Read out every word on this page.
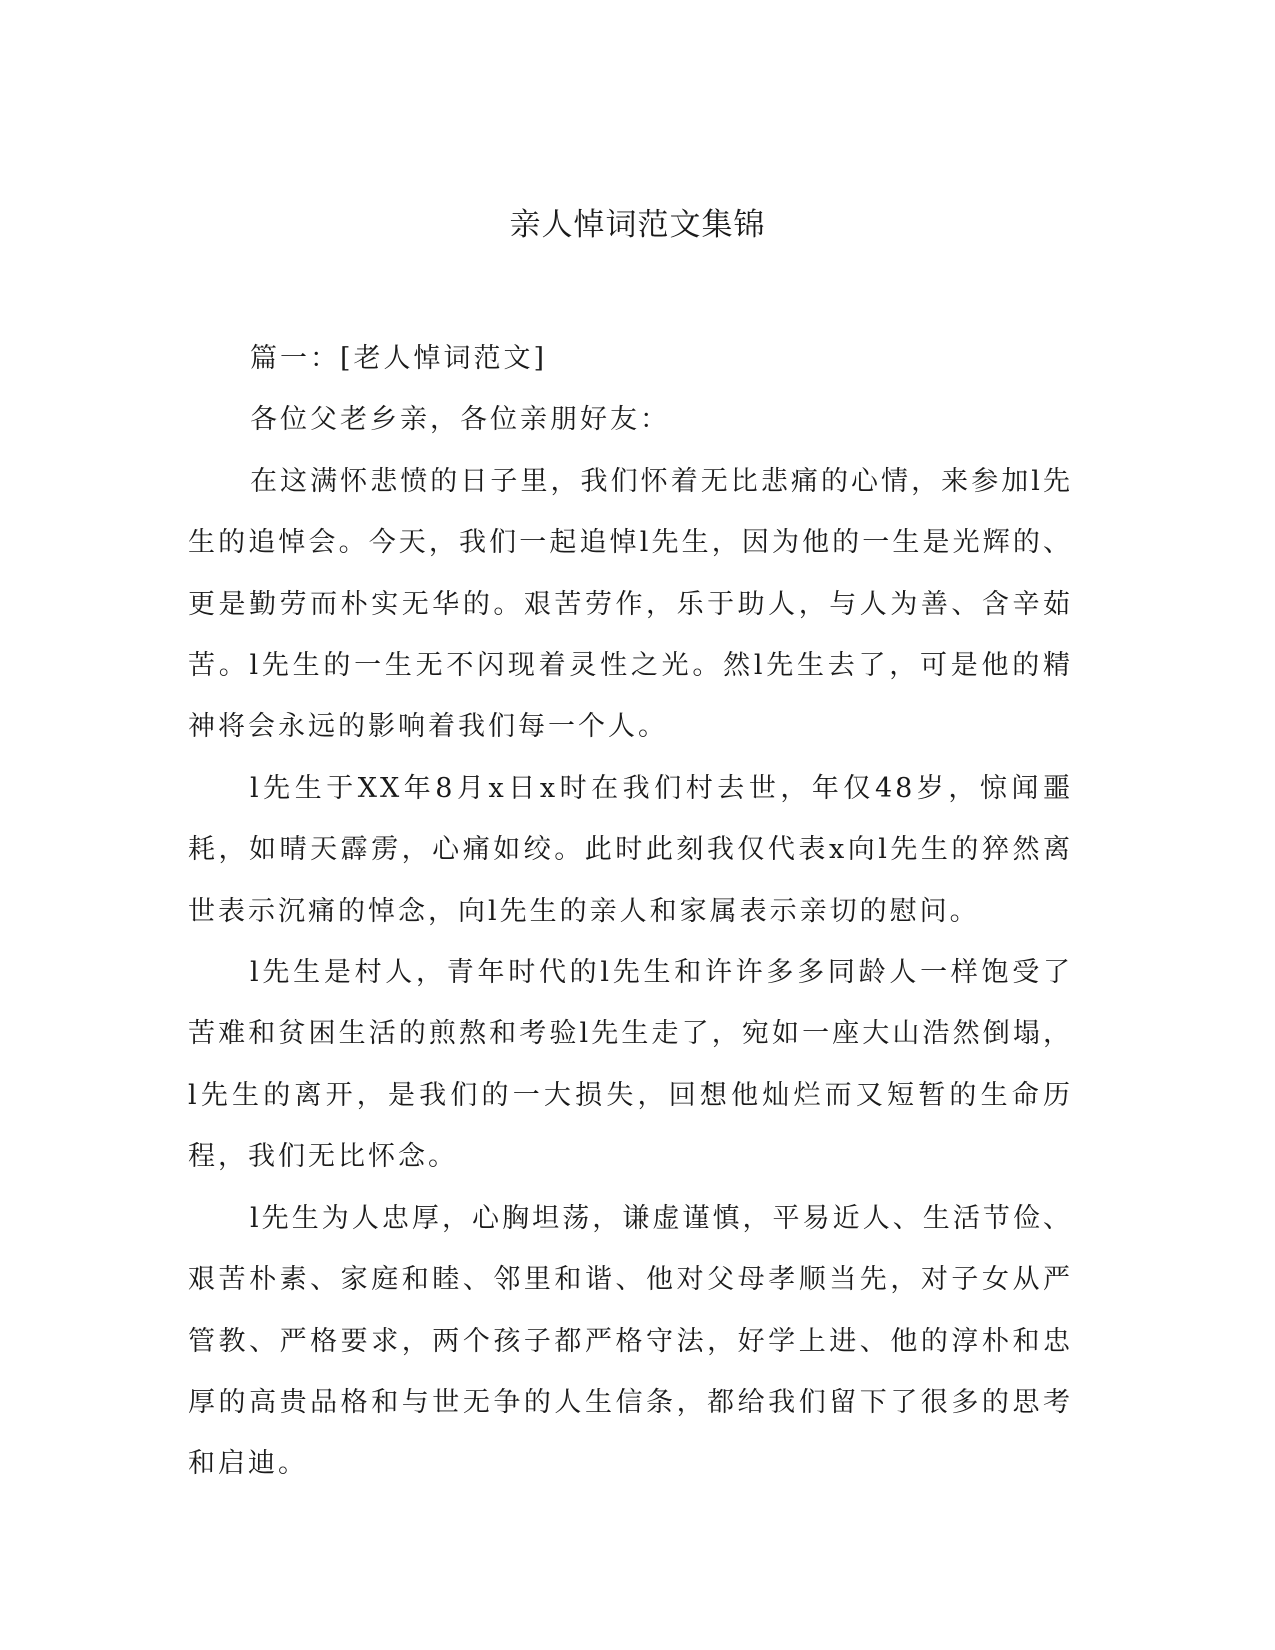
亲人悼词范文集锦

篇一：[老人悼词范文]

各位父老乡亲，各位亲朋好友：

在这满怀悲愤的日子里，我们怀着无比悲痛的心情，来参加l先生的追悼会。今天，我们一起追悼l先生，因为他的一生是光辉的、更是勤劳而朴实无华的。艰苦劳作，乐于助人，与人为善、含辛茹苦。l先生的一生无不闪现着灵性之光。然l先生去了，可是他的精神将会永远的影响着我们每一个人。

l先生于XX年8月x日x时在我们村去世，年仅48岁，惊闻噩耗，如晴天霹雳，心痛如绞。此时此刻我仅代表x向l先生的猝然离世表示沉痛的悼念，向l先生的亲人和家属表示亲切的慰问。

l先生是村人，青年时代的l先生和许许多多同龄人一样饱受了苦难和贫困生活的煎熬和考验l先生走了，宛如一座大山浩然倒塌，l先生的离开，是我们的一大损失，回想他灿烂而又短暂的生命历程，我们无比怀念。

l先生为人忠厚，心胸坦荡，谦虚谨慎，平易近人、生活节俭、艰苦朴素、家庭和睦、邻里和谐、他对父母孝顺当先，对子女从严管教、严格要求，两个孩子都严格守法，好学上进、他的淳朴和忠厚的高贵品格和与世无争的人生信条，都给我们留下了很多的思考和启迪。
